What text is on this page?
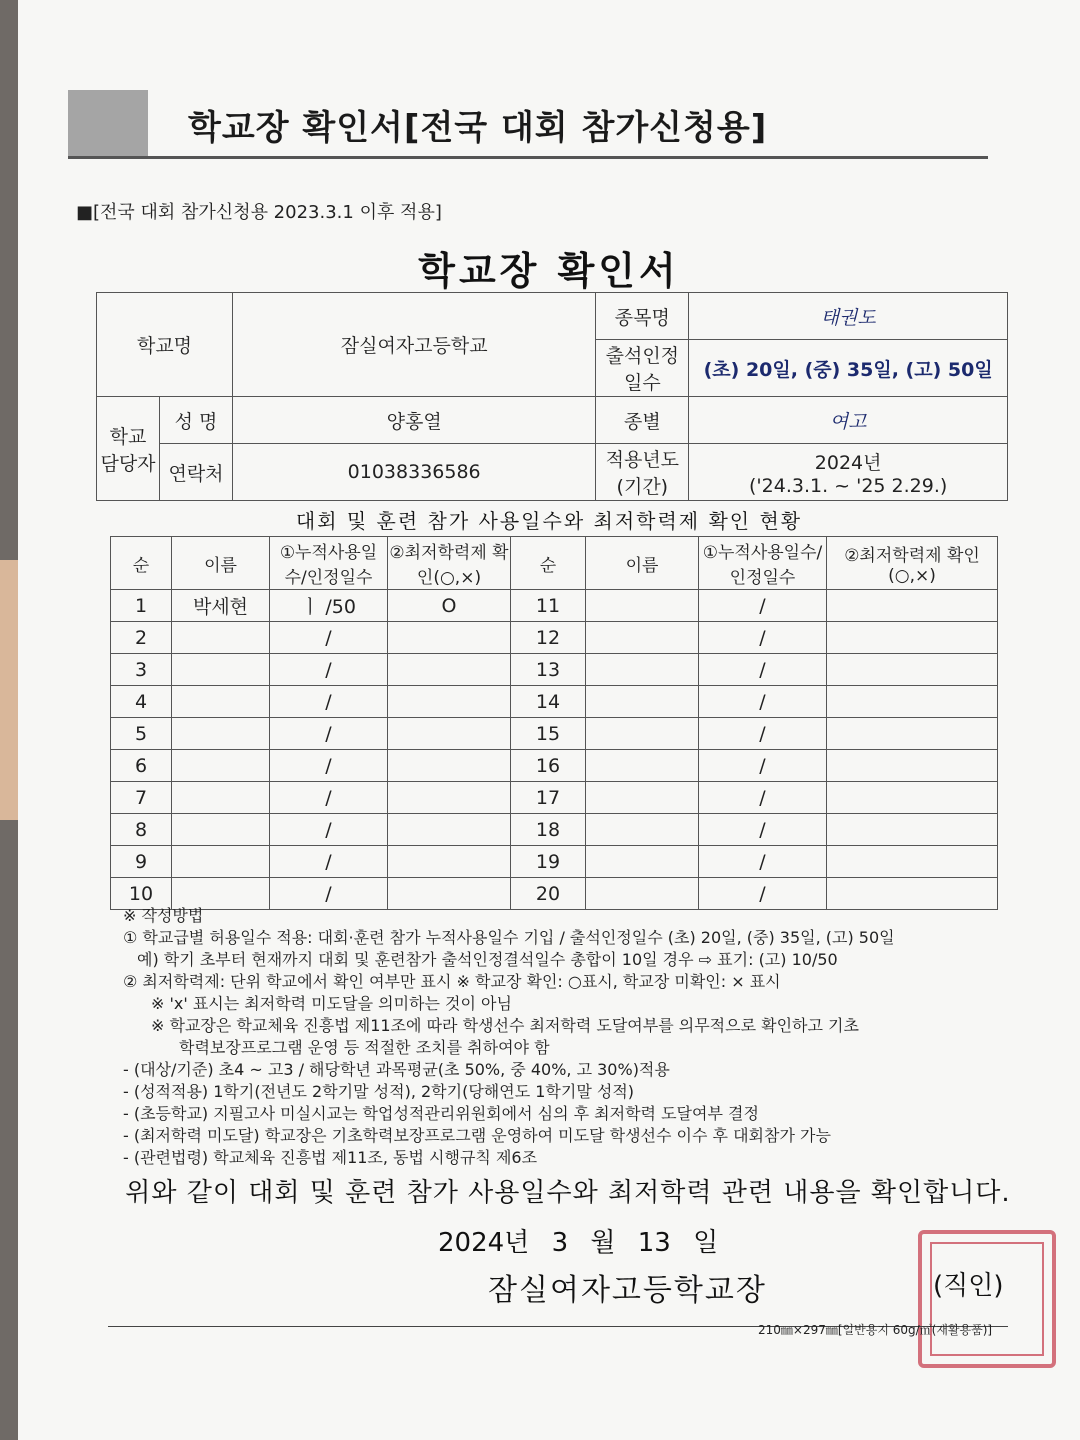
학교장 확인서[전국 대회 참가신청용]
■[전국 대회 참가신청용 2023.3.1 이후 적용]
학교장 확인서
학교명		잠실여자고등학교	종목명	태권도
			출석인정 일수	(초) 20일, (중) 35일, (고) 50일
학교 담당자	성 명	양홍열	종별	여고
	연락처	01038336586	적용년도 (기간)	2024년
('24.3.1. ~ '25 2.29.)
대회 및 훈련 참가 사용일수와 최저학력제 확인 현황
순	이름	①누적사용일수/인정일수	②최저학력제 확인(○,×)	순	이름	①누적사용일수/인정일수	②최저학력제 확인(○,×)
1	박세현	ㅣ /50	O	11		/	
2		/		12		/	
3		/		13		/	
4		/		14		/	
5		/		15		/	
6		/		16		/	
7		/		17		/	
8		/		18		/	
9		/		19		/	
10		/		20		/	
※ 작성방법
① 학교급별 허용일수 적용: 대회·훈련 참가 누적사용일수 기입 / 출석인정일수 (초) 20일, (중) 35일, (고) 50일
예) 학기 초부터 현재까지 대회 및 훈련참가 출석인정결석일수 총합이 10일 경우 ⇨ 표기: (고) 10/50
② 최저학력제: 단위 학교에서 확인 여부만 표시 ※ 학교장 확인: ○표시, 학교장 미확인: × 표시
※ 'x' 표시는 최저학력 미도달을 의미하는 것이 아님
※ 학교장은 학교체육 진흥법 제11조에 따라 학생선수 최저학력 도달여부를 의무적으로 확인하고 기초
학력보장프로그램 운영 등 적절한 조치를 취하여야 함
- (대상/기준) 초4 ~ 고3 / 해당학년 과목평균(초 50%, 중 40%, 고 30%)적용
- (성적적용) 1학기(전년도 2학기말 성적), 2학기(당해연도 1학기말 성적)
- (초등학교) 지필고사 미실시교는 학업성적관리위원회에서 심의 후 최저학력 도달여부 결정
- (최저학력 미도달) 학교장은 기초학력보장프로그램 운영하여 미도달 학생선수 이수 후 대회참가 가능
- (관련법령) 학교체육 진흥법 제11조, 동법 시행규칙 제6조
위와 같이 대회 및 훈련 참가 사용일수와 최저학력 관련 내용을 확인합니다.
2024년 3 월 13 일
잠실여자고등학교장	(직인)
210㎜×297㎜[일반용지 60g/㎡(재활용품)]
